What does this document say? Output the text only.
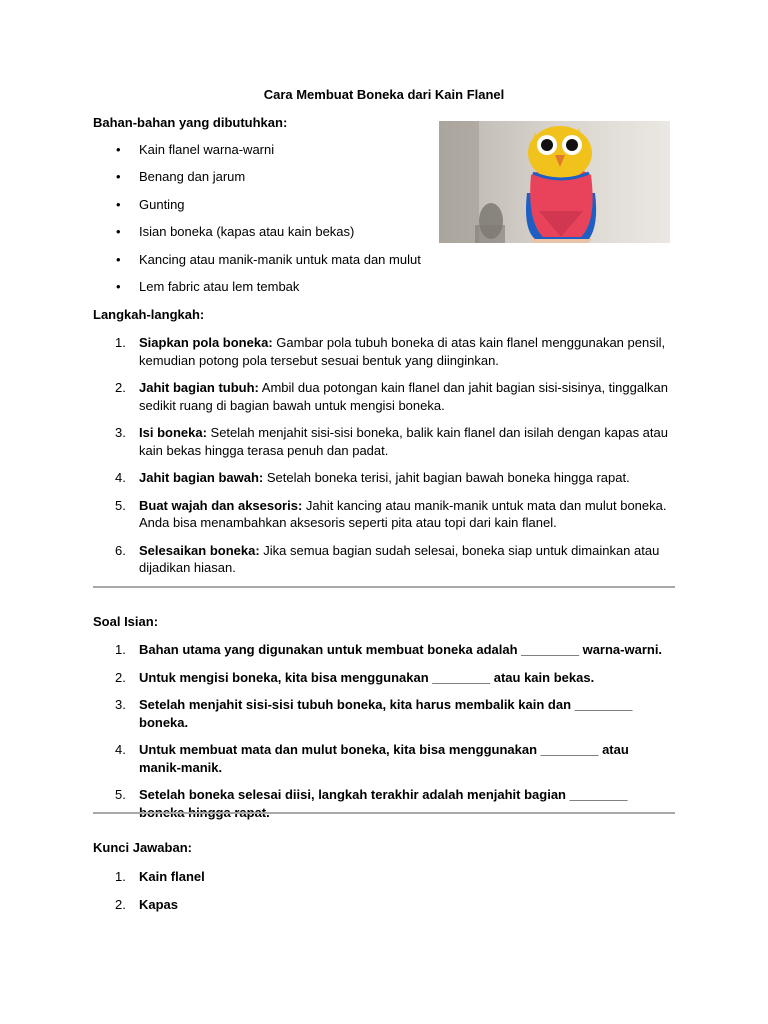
Cara Membuat Boneka dari Kain Flanel
Bahan-bahan yang dibutuhkan:
• Kain flanel warna-warni
• Benang dan jarum
• Gunting
• Isian boneka (kapas atau kain bekas)
• Kancing atau manik-manik untuk mata dan mulut
• Lem fabric atau lem tembak
Langkah-langkah:
1. Siapkan pola boneka: Gambar pola tubuh boneka di atas kain flanel menggunakan pensil, kemudian potong pola tersebut sesuai bentuk yang diinginkan.
2. Jahit bagian tubuh: Ambil dua potongan kain flanel dan jahit bagian sisi-sisinya, tinggalkan sedikit ruang di bagian bawah untuk mengisi boneka.
3. Isi boneka: Setelah menjahit sisi-sisi boneka, balik kain flanel dan isilah dengan kapas atau kain bekas hingga terasa penuh dan padat.
4. Jahit bagian bawah: Setelah boneka terisi, jahit bagian bawah boneka hingga rapat.
5. Buat wajah dan aksesoris: Jahit kancing atau manik-manik untuk mata dan mulut boneka. Anda bisa menambahkan aksesoris seperti pita atau topi dari kain flanel.
6. Selesaikan boneka: Jika semua bagian sudah selesai, boneka siap untuk dimainkan atau dijadikan hiasan.
Soal Isian:
1. Bahan utama yang digunakan untuk membuat boneka adalah ________ warna-warni.
2. Untuk mengisi boneka, kita bisa menggunakan ________ atau kain bekas.
3. Setelah menjahit sisi-sisi tubuh boneka, kita harus membalik kain dan ________ boneka.
4. Untuk membuat mata dan mulut boneka, kita bisa menggunakan ________ atau manik-manik.
5. Setelah boneka selesai diisi, langkah terakhir adalah menjahit bagian ________ boneka hingga rapat.
Kunci Jawaban:
1. Kain flanel
2. Kapas
